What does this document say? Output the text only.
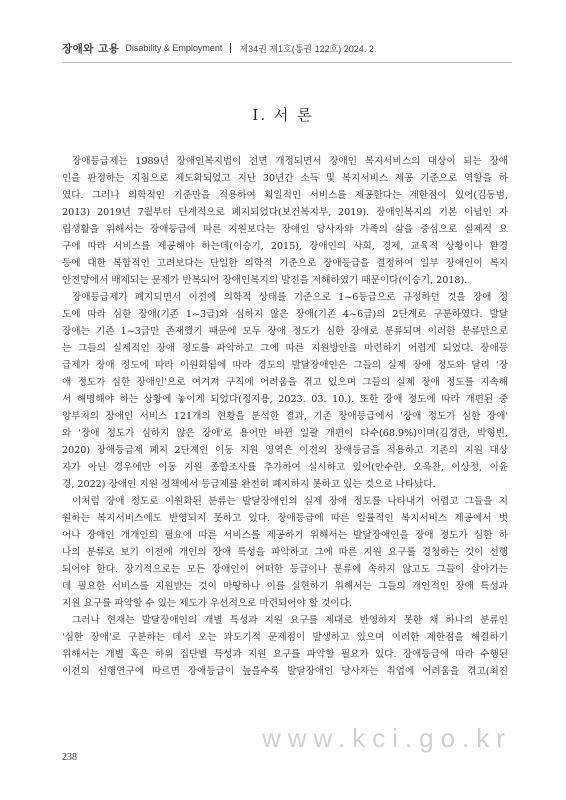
장애와 고용 Disability & Employment 제34권 제1호(통권 122호) 2024. 2.
I. 서 론
장애등급제는 1989년 장애인복지법이 전면 개정되면서 장애인 복지서비스의 대상이 되는 장애
인을 판정하는 지침으로 제도화되었고 지난 30년간 소득 및 복지서비스 제공 기준으로 역할을 하
였다. 그러나 의학적인 기준만을 적용하여 획일적인 서비스를 제공한다는 제한점이 있어(김동범,
2013) 2019년 7월부터 단계적으로 폐지되었다(보건복지부, 2019). 장애인복지의 기본 이념인 자
립생활을 위해서는 장애등급에 따른 지원보다는 장애인 당사자와 가족의 삶을 중심으로 실제적 요
구에 따라 서비스를 제공해야 하는데(이승기, 2015), 장애인의 사회, 경제, 교육적 상황이나 환경
등에 대한 복합적인 고려보다는 단일한 의학적 기준으로 장애등급을 결정하여 일부 장애인이 복지
안전망에서 배제되는 문제가 반복되어 장애인복지의 발전을 저해하였기 때문이다(이승기, 2018).
장애등급제가 폐지되면서 이전에 의학적 상태를 기준으로 1~6등급으로 규정하던 것을 장애 정
도에 따라 심한 장애(기존 1~3급)와 심하지 않은 장애(기존 4~6급)의 2단계로 구분하였다. 발달
장애는 기존 1~3급만 존재했기 때문에 모두 장애 정도가 심한 장애로 분류되며 이러한 분류만으로
는 그들의 실제적인 장애 정도를 파악하고 그에 따른 지원방안을 마련하기 어렵게 되었다. 장애등
급제가 장애 정도에 따라 이원화됨에 따라 경도의 발달장애인은 그들의 실제 장애 정도와 달리 '장
애 정도가 심한 장애인'으로 여겨져 구직에 어려움을 겪고 있으며 그들의 실제 장애 정도를 지속해
서 해명해야 하는 상황에 놓이게 되었다(정지용, 2023. 03. 10.). 또한 장애 정도에 따라 개편된 중
앙부처의 장애인 서비스 121개의 현황을 분석한 결과, 기존 장애등급에서 '장애 정도가 심한 장애'
와 '장애 정도가 심하지 않은 장애'로 용어만 바뀐 일괄 개편이 다수(68.9%)이며(김경란, 박형빈,
2020) 장애등급제 폐지 2단계인 이동 지원 영역은 이전의 장애등급을 적용하고 기존의 지원 대상
자가 아닌 경우에만 이동 지원 종합조사를 추가하여 실시하고 있어(안수란, 오욱찬, 이상정, 이윤
경, 2022) 장애인 지원 정책에서 등급제를 완전히 폐지하지 못하고 있는 것으로 나타났다.
이처럼 장애 정도로 이원화된 분류는 발달장애인의 실제 장애 정도를 나타내기 어렵고 그들을 지
원하는 복지서비스에도 반영되지 못하고 있다. 장애등급에 따른 일률적인 복지서비스 제공에서 벗
어나 장애인 개개인의 필요에 따른 서비스를 제공하기 위해서는 발달장애인을 장애 정도가 심한 하
나의 분류로 보기 이전에 개인의 장애 특성을 파악하고 그에 따른 지원 요구를 경청하는 것이 선행
되어야 한다. 장기적으로는 모든 장애인이 어떠한 등급이나 분류에 속하지 않고도 그들이 살아가는
데 필요한 서비스를 지원받는 것이 마땅하나 이를 실현하기 위해서는 그들의 개인적인 장애 특성과
지원 요구를 파악할 수 있는 제도가 우선적으로 마련되어야 할 것이다.
그러나 현재는 발달장애인의 개별 특성과 지원 요구를 제대로 반영하지 못한 채 하나의 분류인
'심한 장애'로 구분하는 데서 오는 과도기적 문제점이 발생하고 있으며 이러한 제한점을 해결하기
위해서는 개별 혹은 하위 집단별 특성과 지원 요구를 파악할 필요가 있다. 장애등급에 따라 수행된
이전의 선행연구에 따르면 장애등급이 높을수록 발달장애인 당사자는 취업에 어려움을 겪고(최진
www.kci.go.kr
238
